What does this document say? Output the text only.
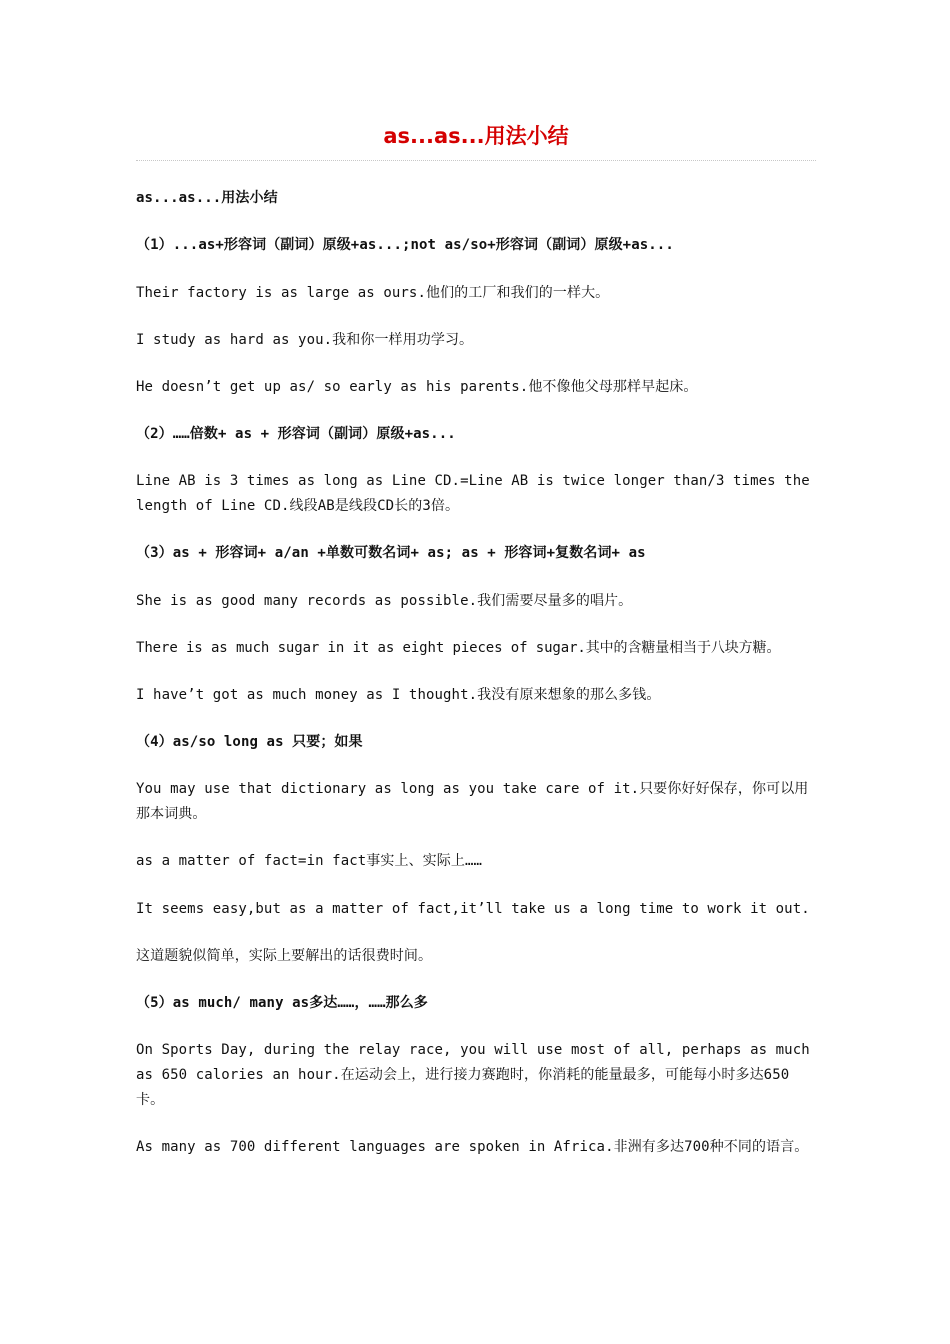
as...as...用法小结
as...as...用法小结
（1）...as+形容词（副词）原级+as...;not as/so+形容词（副词）原级+as...
Their factory is as large as ours.他们的工厂和我们的一样大。
I study as hard as you.我和你一样用功学习。
He doesn’t get up as/ so early as his parents.他不像他父母那样早起床。
（2）……倍数+ as + 形容词（副词）原级+as...
Line AB is 3 times as long as Line CD.=Line AB is twice longer than/3 times the length of Line CD.线段AB是线段CD长的3倍。
（3）as + 形容词+ a/an +单数可数名词+ as; as + 形容词+复数名词+ as
She is as good many records as possible.我们需要尽量多的唱片。
There is as much sugar in it as eight pieces of sugar.其中的含糖量相当于八块方糖。
I have’t got as much money as I thought.我没有原来想象的那么多钱。
（4）as/so long as 只要；如果
You may use that dictionary as long as you take care of it.只要你好好保存，你可以用那本词典。
as a matter of fact=in fact事实上、实际上……
It seems easy,but as a matter of fact,it’ll take us a long time to work it out.
这道题貌似简单，实际上要解出的话很费时间。
（5）as much/ many as多达……，……那么多
On Sports Day, during the relay race, you will use most of all, perhaps as much as 650 calories an hour.在运动会上，进行接力赛跑时，你消耗的能量最多，可能每小时多达650卡。
As many as 700 different languages are spoken in Africa.非洲有多达700种不同的语言。
